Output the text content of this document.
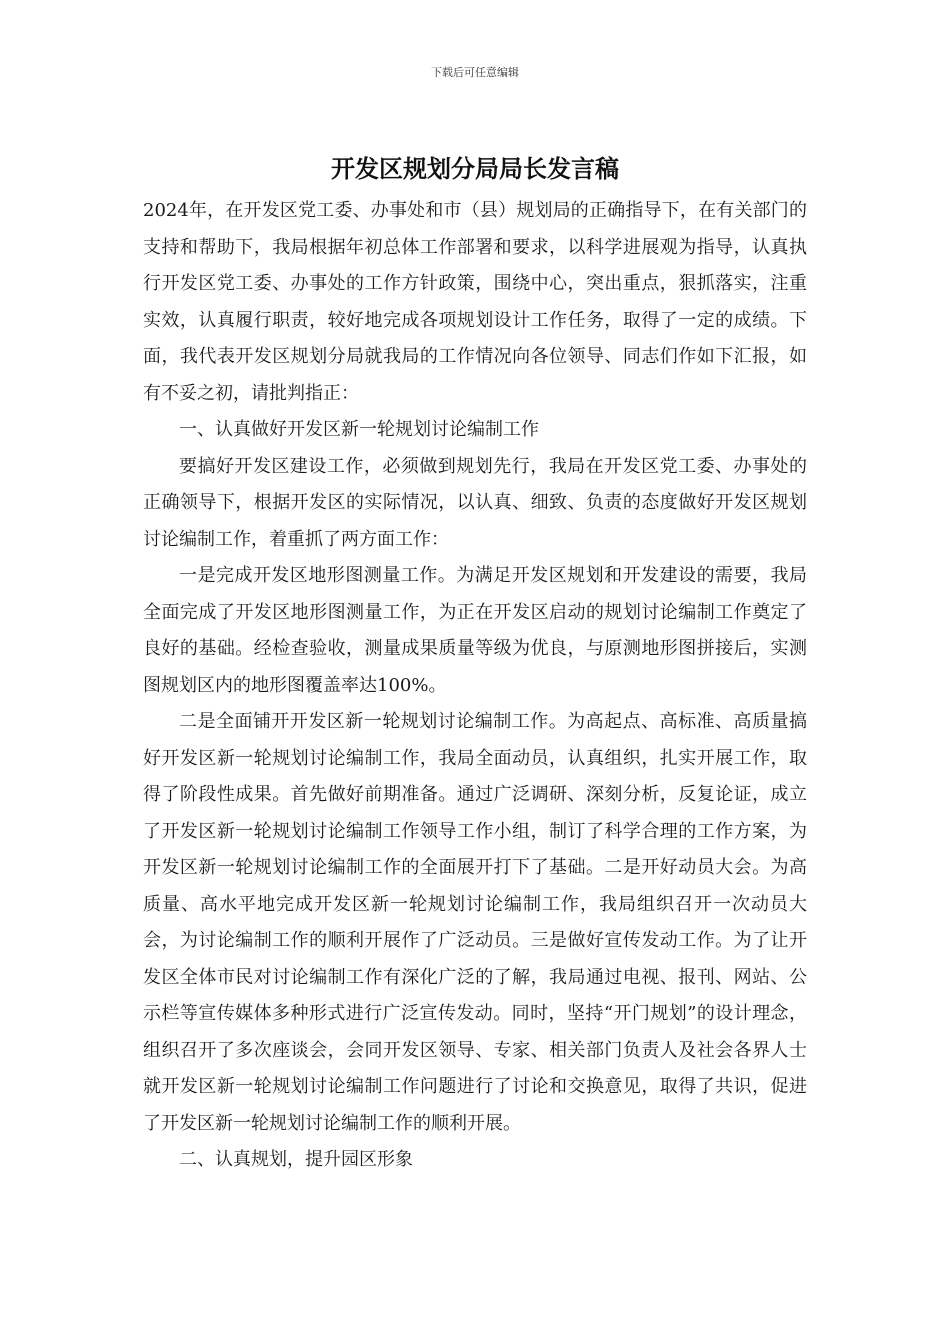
下载后可任意编辑
开发区规划分局局长发言稿

2024年，在开发区党工委、办事处和市（县）规划局的正确指导下，在有关部门的支持和帮助下，我局根据年初总体工作部署和要求，以科学进展观为指导，认真执行开发区党工委、办事处的工作方针政策，围绕中心，突出重点，狠抓落实，注重实效，认真履行职责，较好地完成各项规划设计工作任务，取得了一定的成绩。下面，我代表开发区规划分局就我局的工作情况向各位领导、同志们作如下汇报，如有不妥之初，请批判指正：

一、认真做好开发区新一轮规划讨论编制工作

要搞好开发区建设工作，必须做到规划先行，我局在开发区党工委、办事处的正确领导下，根据开发区的实际情况，以认真、细致、负责的态度做好开发区规划讨论编制工作，着重抓了两方面工作：

一是完成开发区地形图测量工作。为满足开发区规划和开发建设的需要，我局全面完成了开发区地形图测量工作，为正在开发区启动的规划讨论编制工作奠定了良好的基础。经检查验收，测量成果质量等级为优良，与原测地形图拼接后，实测图规划区内的地形图覆盖率达100%。

二是全面铺开开发区新一轮规划讨论编制工作。为高起点、高标准、高质量搞好开发区新一轮规划讨论编制工作，我局全面动员，认真组织，扎实开展工作，取得了阶段性成果。首先做好前期准备。通过广泛调研、深刻分析，反复论证，成立了开发区新一轮规划讨论编制工作领导工作小组，制订了科学合理的工作方案，为开发区新一轮规划讨论编制工作的全面展开打下了基础。二是开好动员大会。为高质量、高水平地完成开发区新一轮规划讨论编制工作，我局组织召开一次动员大会，为讨论编制工作的顺利开展作了广泛动员。三是做好宣传发动工作。为了让开发区全体市民对讨论编制工作有深化广泛的了解，我局通过电视、报刊、网站、公示栏等宣传媒体多种形式进行广泛宣传发动。同时，坚持“开门规划”的设计理念，组织召开了多次座谈会，会同开发区领导、专家、相关部门负责人及社会各界人士就开发区新一轮规划讨论编制工作问题进行了讨论和交换意见，取得了共识，促进了开发区新一轮规划讨论编制工作的顺利开展。

二、认真规划，提升园区形象
